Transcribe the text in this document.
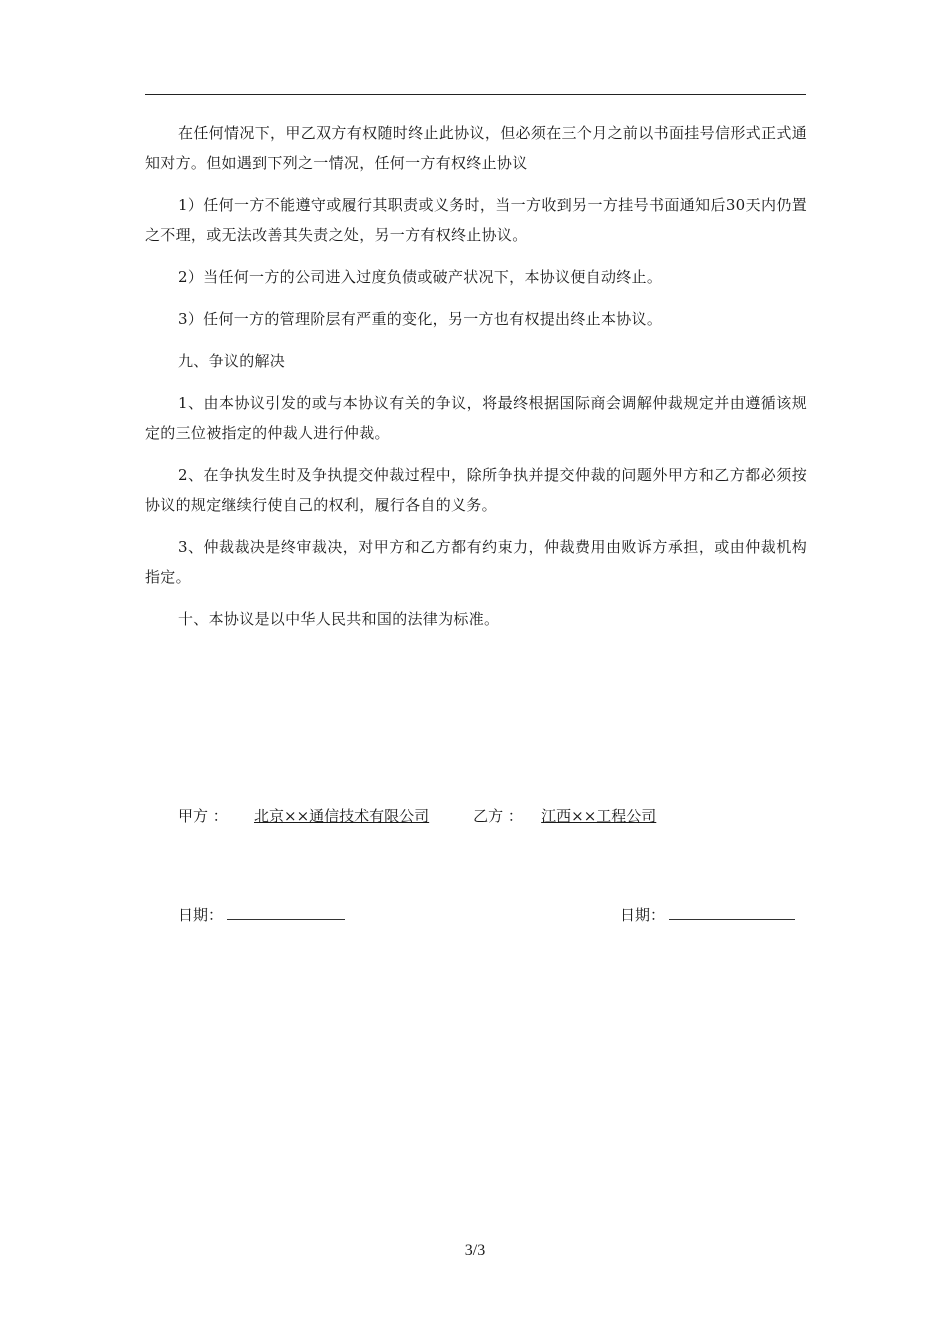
在任何情况下，甲乙双方有权随时终止此协议，但必须在三个月之前以书面挂号信形式正式通知对方。但如遇到下列之一情况，任何一方有权终止协议

1）任何一方不能遵守或履行其职责或义务时，当一方收到另一方挂号书面通知后30天内仍置之不理，或无法改善其失责之处，另一方有权终止协议。

2）当任何一方的公司进入过度负债或破产状况下，本协议便自动终止。

3）任何一方的管理阶层有严重的变化，另一方也有权提出终止本协议。

九、争议的解决

1、由本协议引发的或与本协议有关的争议，将最终根据国际商会调解仲裁规定并由遵循该规定的三位被指定的仲裁人进行仲裁。

2、在争执发生时及争执提交仲裁过程中，除所争执并提交仲裁的问题外甲方和乙方都必须按协议的规定继续行使自己的权利，履行各自的义务。

3、仲裁裁决是终审裁决，对甲方和乙方都有约束力，仲裁费用由败诉方承担，或由仲裁机构指定。

十、本协议是以中华人民共和国的法律为标准。

甲方 ：北京××通信技术有限公司	乙方 ： 江西××工程公司
日期：	日期：
3/3
